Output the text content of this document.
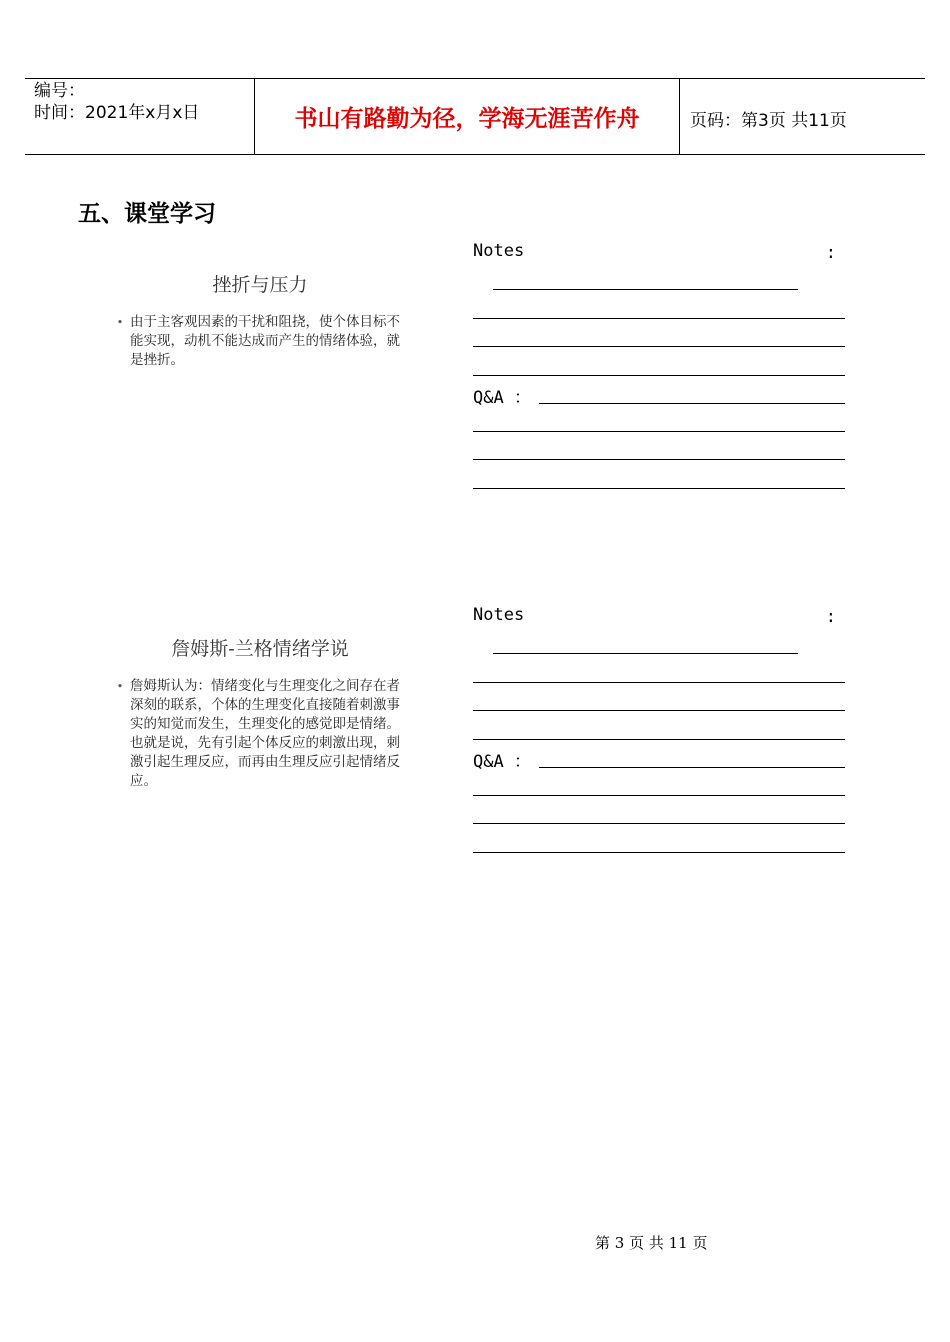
编号：
时间：2021年x月x日	书山有路勤为径，学海无涯苦作舟	页码：第3页 共11页
五、课堂学习
挫折与压力
• 由于主客观因素的干扰和阻挠，使个体目标不能实现，动机不能达成而产生的情绪体验，就是挫折。
Notes	:
Q&A ：
詹姆斯-兰格情绪学说
• 詹姆斯认为：情绪变化与生理变化之间存在者深刻的联系，个体的生理变化直接随着刺激事实的知觉而发生，生理变化的感觉即是情绪。也就是说，先有引起个体反应的刺激出现，刺激引起生理反应，而再由生理反应引起情绪反应。
Notes	:
Q&A ：
第 3 页 共 11 页
